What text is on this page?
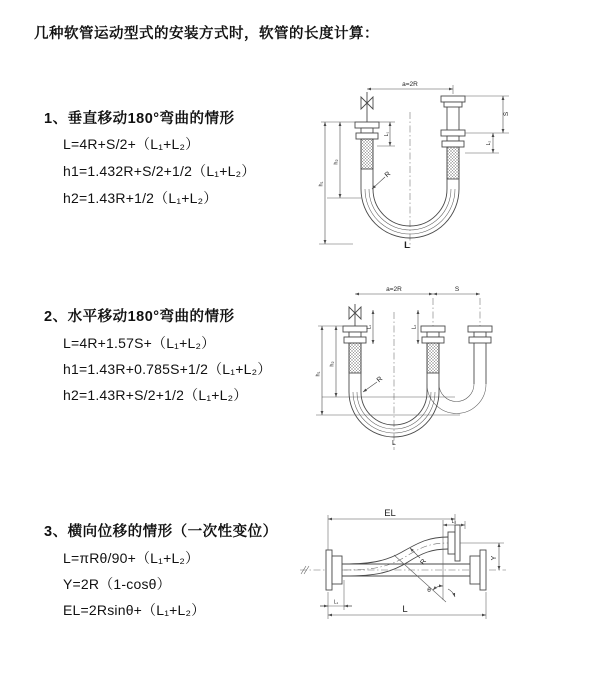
几种软管运动型式的安装方式时，软管的长度计算：
1、垂直移动180°弯曲的情形
L=4R+S/2+（L₁+L₂）
h1=1.432R+S/2+1/2（L₁+L₂）
h2=1.43R+1/2（L₁+L₂）
2、水平移动180°弯曲的情形
L=4R+1.57S+（L₁+L₂）
h1=1.43R+0.785S+1/2（L₁+L₂）
h2=1.43R+S/2+1/2（L₁+L₂）
3、横向位移的情形（一次性变位）
L=πRθ/90+（L₁+L₂）
Y=2R（1-cosθ）
EL=2Rsinθ+（L₁+L₂）
a=2R
L₁
S
L₂
h₂
h₁
R
L
a=2R	S
L₁	L₂
h₂
h₁
R
L
θ
R
EL
L₂
Y
L₁
L
